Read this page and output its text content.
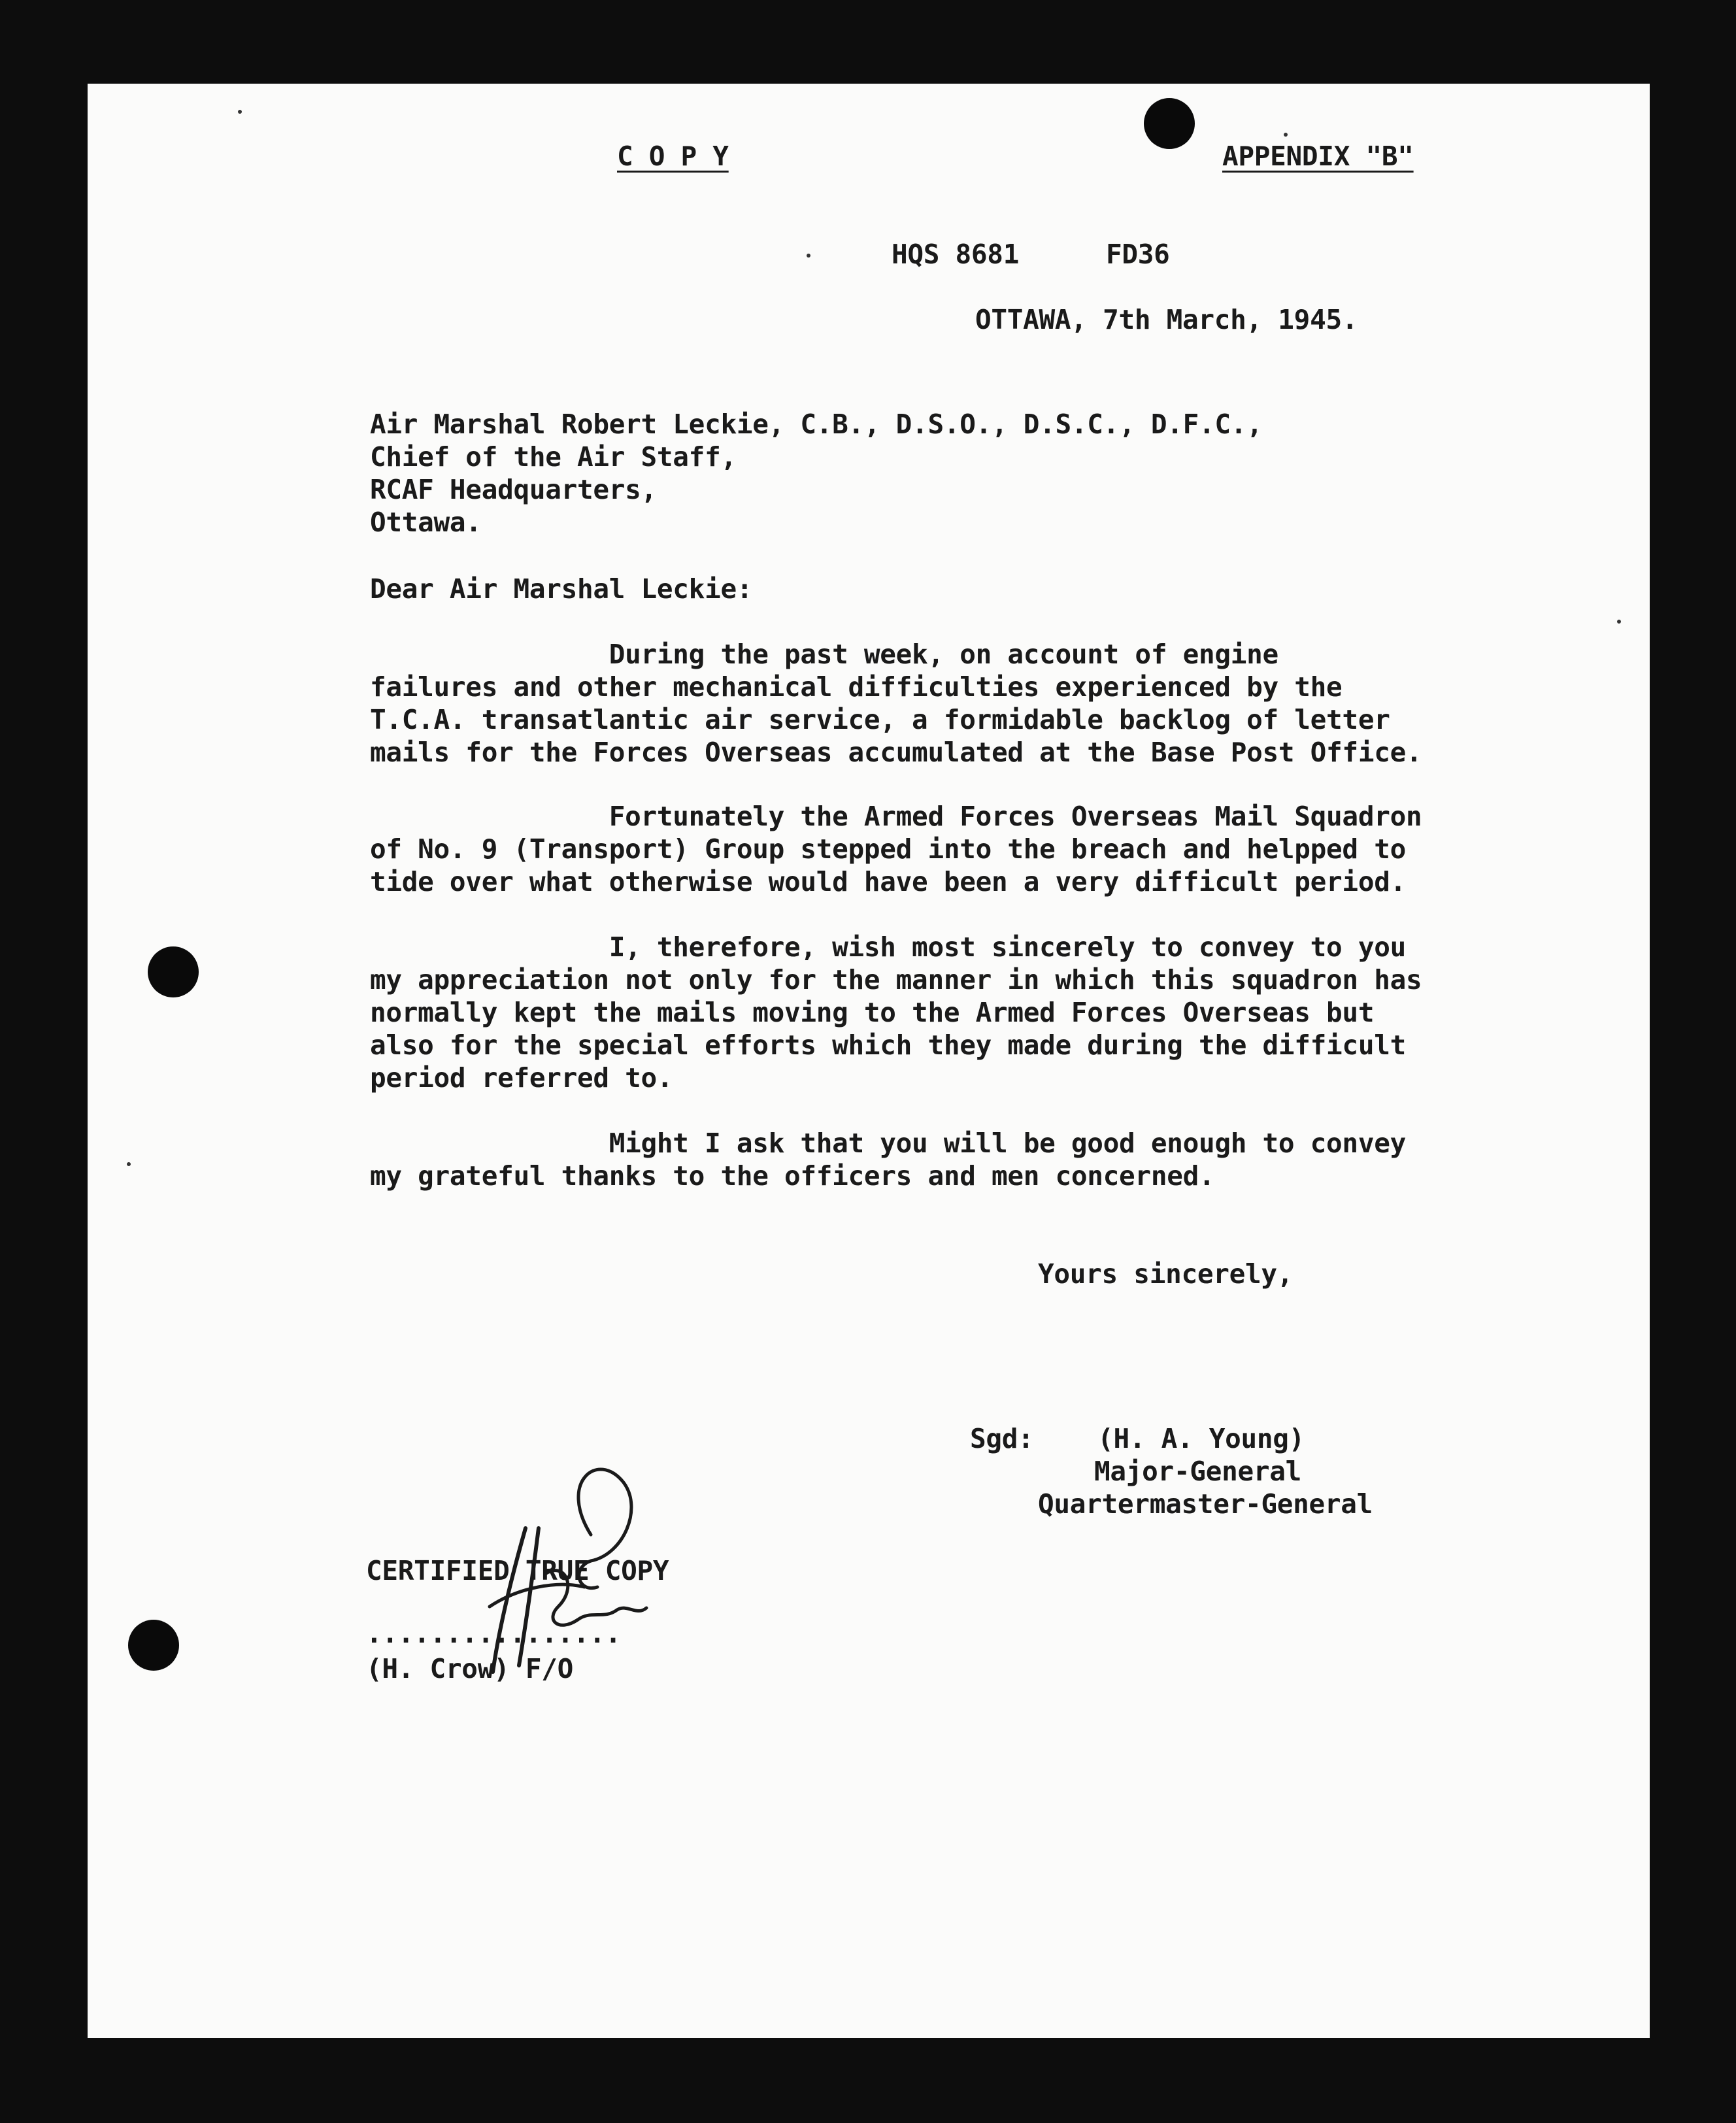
C O P Y	APPENDIX "B"

HQS 8681	FD36

OTTAWA, 7th March, 1945.

Air Marshal Robert Leckie, C.B., D.S.O., D.S.C., D.F.C.,
Chief of the Air Staff,
RCAF Headquarters,
Ottawa.

Dear Air Marshal Leckie:

During the past week, on account of engine
failures and other mechanical difficulties experienced by the
T.C.A. transatlantic air service, a formidable backlog of letter
mails for the Forces Overseas accumulated at the Base Post Office.
Fortunately the Armed Forces Overseas Mail Squadron
of No. 9 (Transport) Group stepped into the breach and helpped to
tide over what otherwise would have been a very difficult period.
I, therefore, wish most sincerely to convey to you
my appreciation not only for the manner in which this squadron has
normally kept the mails moving to the Armed Forces Overseas but
also for the special efforts which they made during the difficult
period referred to.
Might I ask that you will be good enough to convey
my grateful thanks to the officers and men concerned.

Yours sincerely,

Sgd:    (H. A. Young)

Major-General

Quartermaster-General

CERTIFIED TRUE COPY

................

(H. Crow) F/O
